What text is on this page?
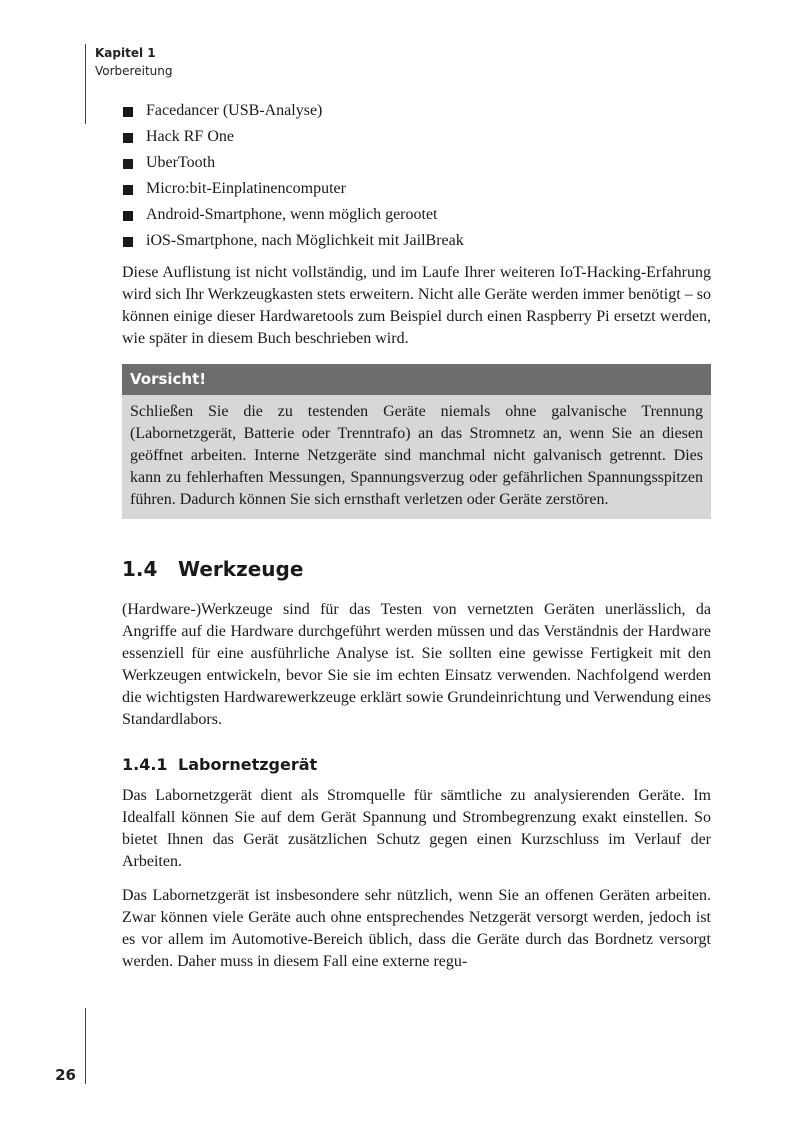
Kapitel 1
Vorbereitung
Facedancer (USB-Analyse)
Hack RF One
UberTooth
Micro:bit-Einplatinencomputer
Android-Smartphone, wenn möglich gerootet
iOS-Smartphone, nach Möglichkeit mit JailBreak

Diese Auflistung ist nicht vollständig, und im Laufe Ihrer weiteren IoT-Hacking-Erfahrung wird sich Ihr Werkzeugkasten stets erweitern. Nicht alle Geräte werden immer benötigt – so können einige dieser Hardwaretools zum Beispiel durch einen Raspberry Pi ersetzt werden, wie später in diesem Buch beschrieben wird.

Vorsicht!
Schließen Sie die zu testenden Geräte niemals ohne galvanische Trennung (Labornetzgerät, Batterie oder Trenntrafo) an das Stromnetz an, wenn Sie an diesen geöffnet arbeiten. Interne Netzgeräte sind manchmal nicht galvanisch getrennt. Dies kann zu fehlerhaften Messungen, Spannungsverzug oder gefährlichen Spannungsspitzen führen. Dadurch können Sie sich ernsthaft verletzen oder Geräte zerstören.
1.4	Werkzeuge

(Hardware-)Werkzeuge sind für das Testen von vernetzten Geräten unerlässlich, da Angriffe auf die Hardware durchgeführt werden müssen und das Verständnis der Hardware essenziell für eine ausführliche Analyse ist. Sie sollten eine gewisse Fertigkeit mit den Werkzeugen entwickeln, bevor Sie sie im echten Einsatz verwenden. Nachfolgend werden die wichtigsten Hardwarewerkzeuge erklärt sowie Grundeinrichtung und Verwendung eines Standardlabors.

1.4.1 Labornetzgerät

Das Labornetzgerät dient als Stromquelle für sämtliche zu analysierenden Geräte. Im Idealfall können Sie auf dem Gerät Spannung und Strombegrenzung exakt einstellen. So bietet Ihnen das Gerät zusätzlichen Schutz gegen einen Kurzschluss im Verlauf der Arbeiten.

Das Labornetzgerät ist insbesondere sehr nützlich, wenn Sie an offenen Geräten arbeiten. Zwar können viele Geräte auch ohne entsprechendes Netzgerät versorgt werden, jedoch ist es vor allem im Automotive-Bereich üblich, dass die Geräte durch das Bordnetz versorgt werden. Daher muss in diesem Fall eine externe regu-

26
